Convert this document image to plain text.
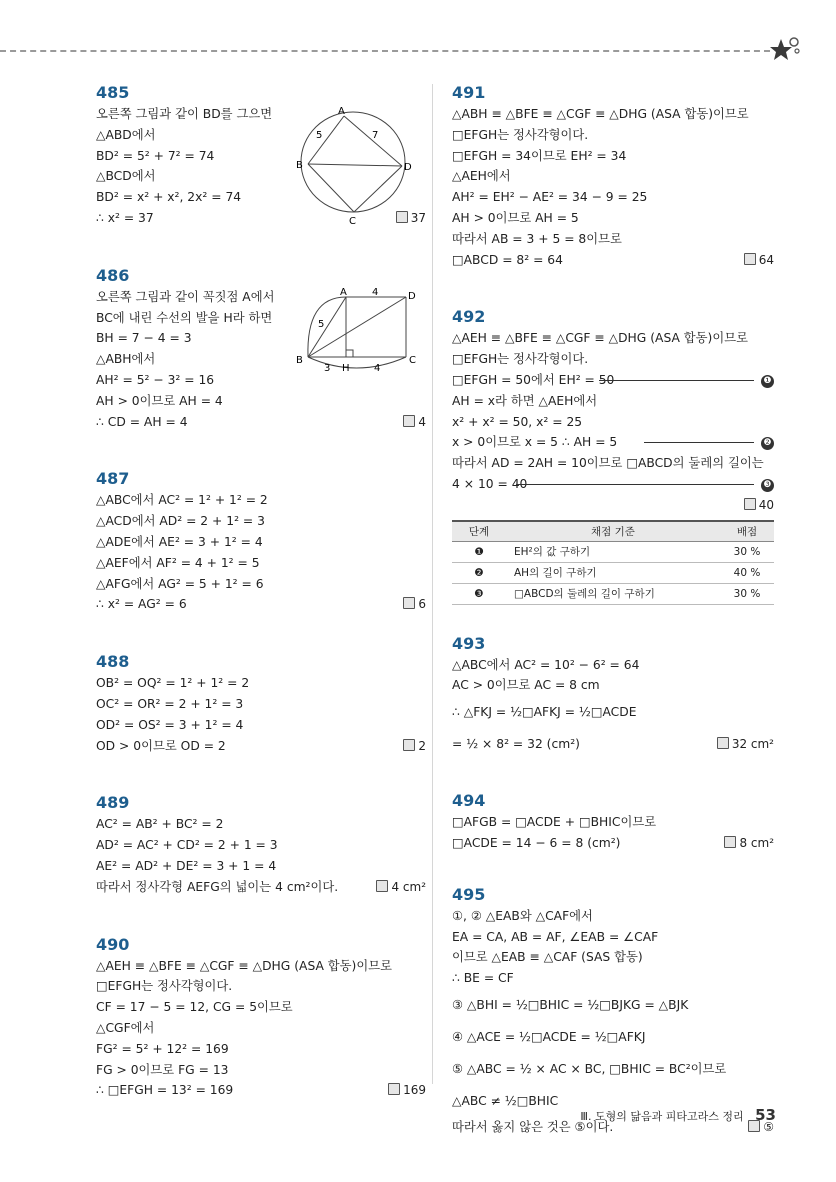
485
오른쪽 그림과 같이 BD를 그으면
△ABD에서
BD² = 5² + 7² = 74
△BCD에서
BD² = x² + x², 2x² = 74
∴ x² = 37	37
A
B
C
D
5	7
486
오른쪽 그림과 같이 꼭짓점 A에서
BC에 내린 수선의 발을 H라 하면
BH = 7 − 4 = 3
△ABH에서
AH² = 5² − 3² = 16
AH > 0이므로 AH = 4
∴ CD = AH = 4	4
A
B	C
D
H
5
4
3	4
487
△ABC에서 AC² = 1² + 1² = 2
△ACD에서 AD² = 2 + 1² = 3
△ADE에서 AE² = 3 + 1² = 4
△AEF에서 AF² = 4 + 1² = 5
△AFG에서 AG² = 5 + 1² = 6
∴ x² = AG² = 6	6
488
OB² = OQ² = 1² + 1² = 2
OC² = OR² = 2 + 1² = 3
OD² = OS² = 3 + 1² = 4
OD > 0이므로 OD = 2	2
489
AC² = AB² + BC² = 2
AD² = AC² + CD² = 2 + 1 = 3
AE² = AD² + DE² = 3 + 1 = 4
따라서 정사각형 AEFG의 넓이는 4 cm²이다.	4 cm²
490
△AEH ≡ △BFE ≡ △CGF ≡ △DHG (ASA 합동)이므로
□EFGH는 정사각형이다.
CF = 17 − 5 = 12, CG = 5이므로
△CGF에서
FG² = 5² + 12² = 169
FG > 0이므로 FG = 13
∴ □EFGH = 13² = 169	169
491
△ABH ≡ △BFE ≡ △CGF ≡ △DHG (ASA 합동)이므로
□EFGH는 정사각형이다.
□EFGH = 34이므로 EH² = 34
△AEH에서
AH² = EH² − AE² = 34 − 9 = 25
AH > 0이므로 AH = 5
따라서 AB = 3 + 5 = 8이므로
□ABCD = 8² = 64	64
492
△AEH ≡ △BFE ≡ △CGF ≡ △DHG (ASA 합동)이므로
□EFGH는 정사각형이다.
□EFGH = 50에서 EH² = 50	❶
AH = x라 하면 △AEH에서
x² + x² = 50, x² = 25
x > 0이므로 x = 5 ∴ AH = 5	❷
따라서 AD = 2AH = 10이므로 □ABCD의 둘레의 길이는
4 × 10 = 40	❸
40
단계	채점 기준	배점
❶	EH²의 값 구하기	30 %
❷	AH의 길이 구하기	40 %
❸	□ABCD의 둘레의 길이 구하기	30 %
493
△ABC에서 AC² = 10² − 6² = 64
AC > 0이므로 AC = 8 cm
∴ △FKJ = ½□AFKJ = ½□ACDE
= ½ × 8² = 32 (cm²)	32 cm²
494
□AFGB = □ACDE + □BHIC이므로
□ACDE = 14 − 6 = 8 (cm²)	8 cm²
495
①, ② △EAB와 △CAF에서
EA = CA, AB = AF, ∠EAB = ∠CAF
이므로 △EAB ≡ △CAF (SAS 합동)
∴ BE = CF
③ △BHI = ½□BHIC = ½□BJKG = △BJK
④ △ACE = ½□ACDE = ½□AFKJ
⑤ △ABC = ½ × AC × BC, □BHIC = BC²이므로
△ABC ≠ ½□BHIC
따라서 옳지 않은 것은 ⑤이다.	⑤
Ⅲ. 도형의 닮음과 피타고라스 정리 53
